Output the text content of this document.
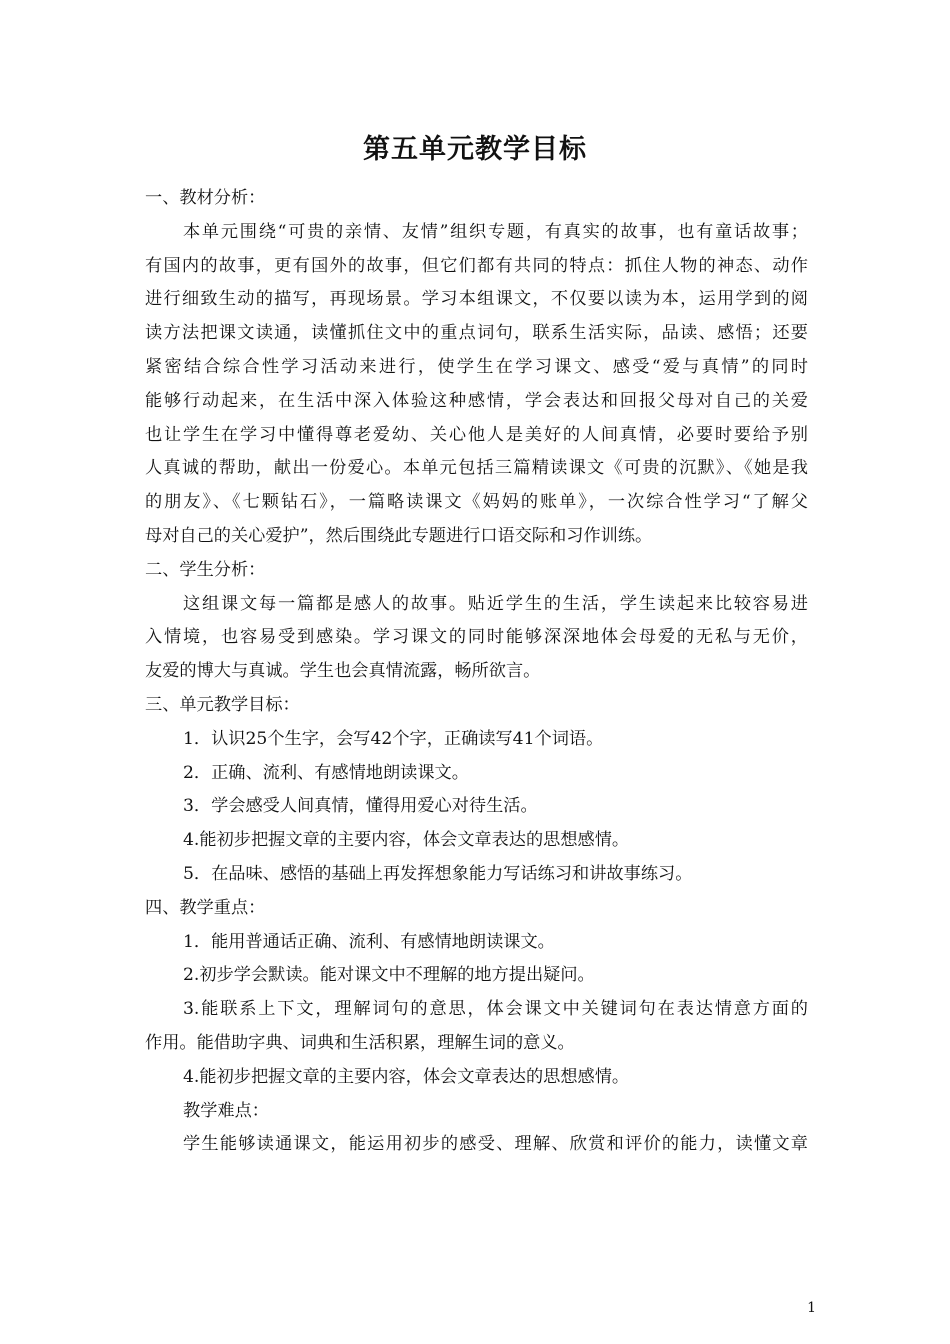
第五单元教学目标
一、教材分析：
本单元围绕“可贵的亲情、友情”组织专题，有真实的故事，也有童话故事；
有国内的故事，更有国外的故事，但它们都有共同的特点：抓住人物的神态、动作
进行细致生动的描写，再现场景。学习本组课文，不仅要以读为本，运用学到的阅
读方法把课文读通，读懂抓住文中的重点词句，联系生活实际，品读、感悟；还要
紧密结合综合性学习活动来进行，使学生在学习课文、感受“爱与真情”的同时
能够行动起来，在生活中深入体验这种感情，学会表达和回报父母对自己的关爱
也让学生在学习中懂得尊老爱幼、关心他人是美好的人间真情，必要时要给予别
人真诚的帮助，献出一份爱心。本单元包括三篇精读课文《可贵的沉默》、《她是我
的朋友》、《七颗钻石》，一篇略读课文《妈妈的账单》，一次综合性学习“了解父
母对自己的关心爱护”，然后围绕此专题进行口语交际和习作训练。
二、学生分析：
这组课文每一篇都是感人的故事。贴近学生的生活，学生读起来比较容易进
入情境，也容易受到感染。学习课文的同时能够深深地体会母爱的无私与无价，
友爱的博大与真诚。学生也会真情流露，畅所欲言。
三、单元教学目标：
1．认识25个生字，会写42个字，正确读写41个词语。
2．正确、流利、有感情地朗读课文。
3．学会感受人间真情，懂得用爱心对待生活。
4.能初步把握文章的主要内容，体会文章表达的思想感情。
5．在品味、感悟的基础上再发挥想象能力写话练习和讲故事练习。
四、教学重点：
1．能用普通话正确、流利、有感情地朗读课文。
2.初步学会默读。能对课文中不理解的地方提出疑问。
3.能联系上下文，理解词句的意思，体会课文中关键词句在表达情意方面的
作用。能借助字典、词典和生活积累，理解生词的意义。
4.能初步把握文章的主要内容，体会文章表达的思想感情。
教学难点：
学生能够读通课文，能运用初步的感受、理解、欣赏和评价的能力，读懂文章
1
